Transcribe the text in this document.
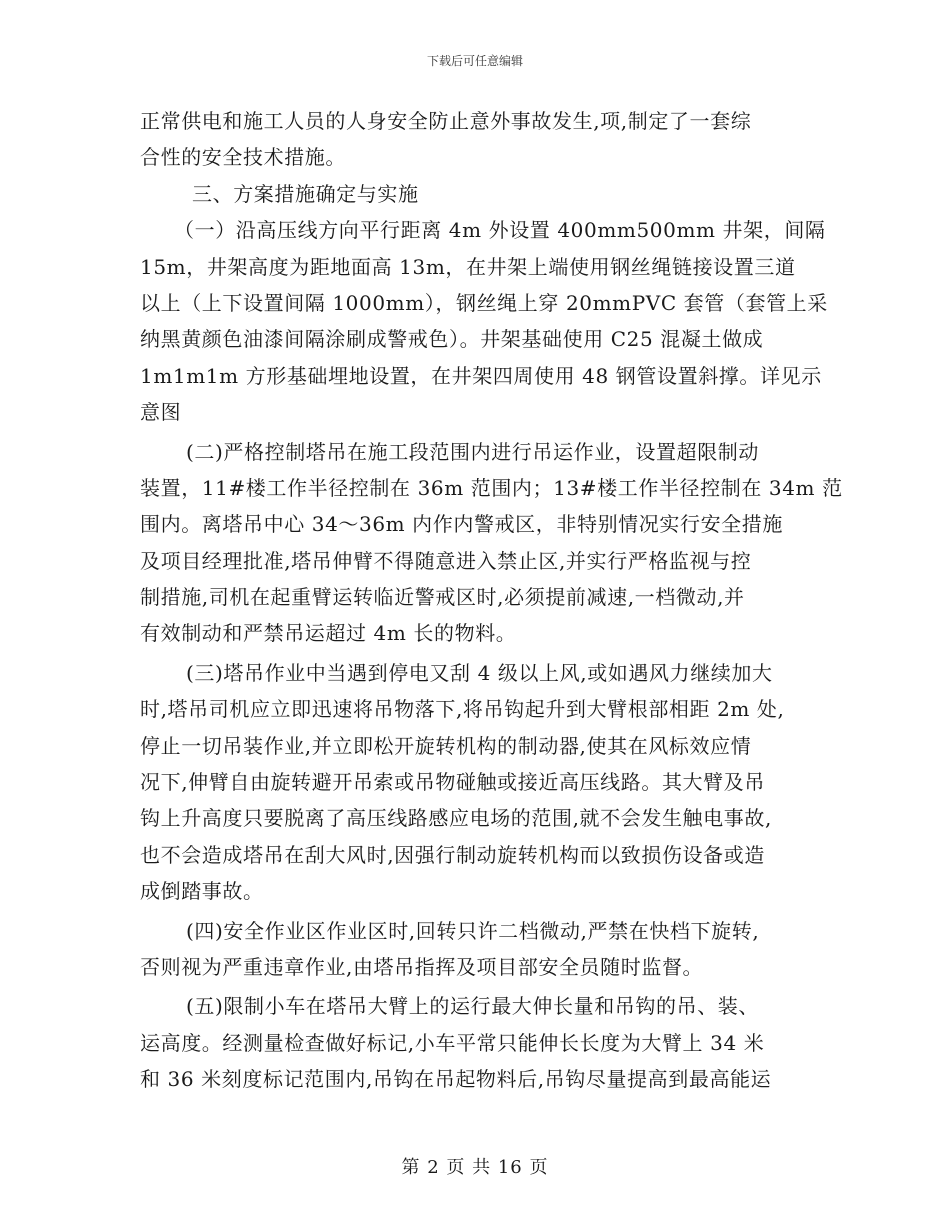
下载后可任意编辑
正常供电和施工人员的人身安全防止意外事故发生,项,制定了一套综
合性的安全技术措施。
三、方案措施确定与实施
（一）沿高压线方向平行距离 4m 外设置 400mm500mm 井架，间隔
15m，井架高度为距地面高 13m，在井架上端使用钢丝绳链接设置三道
以上（上下设置间隔 1000mm），钢丝绳上穿 20mmPVC 套管（套管上采
纳黑黄颜色油漆间隔涂刷成警戒色）。井架基础使用 C25 混凝土做成
1m1m1m 方形基础埋地设置，在井架四周使用 48 钢管设置斜撑。详见示
意图
(二)严格控制塔吊在施工段范围内进行吊运作业，设置超限制动
装置，11#楼工作半径控制在 36m 范围内；13#楼工作半径控制在 34m 范
围内。离塔吊中心 34～36m 内作内警戒区，非特别情况实行安全措施
及项目经理批准,塔吊伸臂不得随意进入禁止区,并实行严格监视与控
制措施,司机在起重臂运转临近警戒区时,必须提前减速,一档微动,并
有效制动和严禁吊运超过 4m 长的物料。
(三)塔吊作业中当遇到停电又刮 4 级以上风,或如遇风力继续加大
时,塔吊司机应立即迅速将吊物落下,将吊钩起升到大臂根部相距 2m 处,
停止一切吊装作业,并立即松开旋转机构的制动器,使其在风标效应情
况下,伸臂自由旋转避开吊索或吊物碰触或接近高压线路。其大臂及吊
钩上升高度只要脱离了高压线路感应电场的范围,就不会发生触电事故,
也不会造成塔吊在刮大风时,因强行制动旋转机构而以致损伤设备或造
成倒踏事故。
(四)安全作业区作业区时,回转只许二档微动,严禁在快档下旋转,
否则视为严重违章作业,由塔吊指挥及项目部安全员随时监督。
(五)限制小车在塔吊大臂上的运行最大伸长量和吊钩的吊、装、
运高度。经测量检查做好标记,小车平常只能伸长长度为大臂上 34 米
和 36 米刻度标记范围内,吊钩在吊起物料后,吊钩尽量提高到最高能运
第 2 页 共 16 页
